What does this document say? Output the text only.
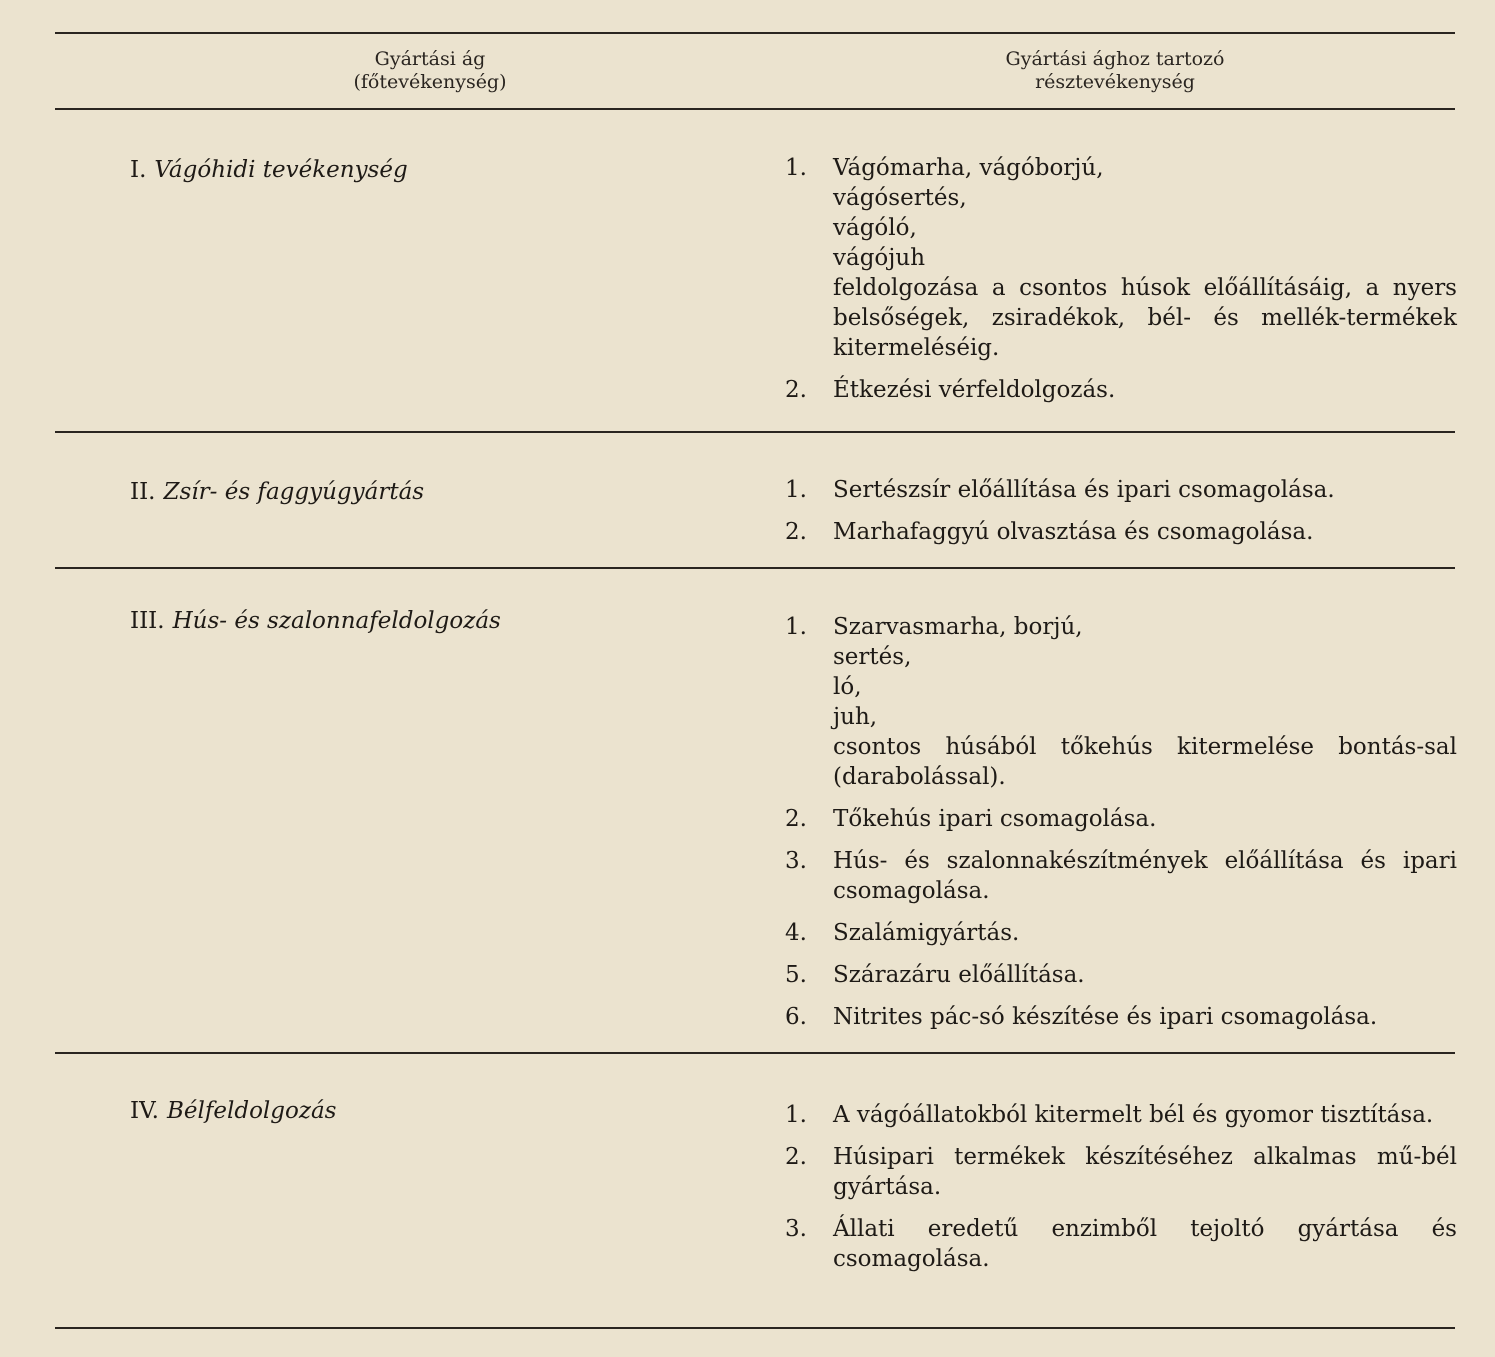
Gyártási ág
(főtevékenység)
Gyártási ághoz tartozó
résztevékenység
I. Vágóhidi tevékenység	1. Vágómarha, vágóborjú,
vágósertés,
vágóló,
vágójuh
feldolgozása a csontos húsok előállításáig, a nyers belsőségek, zsiradékok, bél- és mellék-termékek kitermeléséig.
2. Étkezési vérfeldolgozás.
II. Zsír- és faggyúgyártás	1. Sertészsír előállítása és ipari csomagolása.
2. Marhafaggyú olvasztása és csomagolása.
III. Hús- és szalonnafeldolgozás	1. Szarvasmarha, borjú,
sertés,
ló,
juh,
csontos húsából tőkehús kitermelése bontás-sal (darabolással).
2. Tőkehús ipari csomagolása.
3. Hús- és szalonnakészítmények előállítása és ipari csomagolása.
4. Szalámigyártás.
5. Szárazáru előállítása.
6. Nitrites pác-só készítése és ipari csomagolása.
IV. Bélfeldolgozás	1. A vágóállatokból kitermelt bél és gyomor tisztítása.
2. Húsipari termékek készítéséhez alkalmas mű-bél gyártása.
3. Állati eredetű enzimből tejoltó gyártása és csomagolása.
